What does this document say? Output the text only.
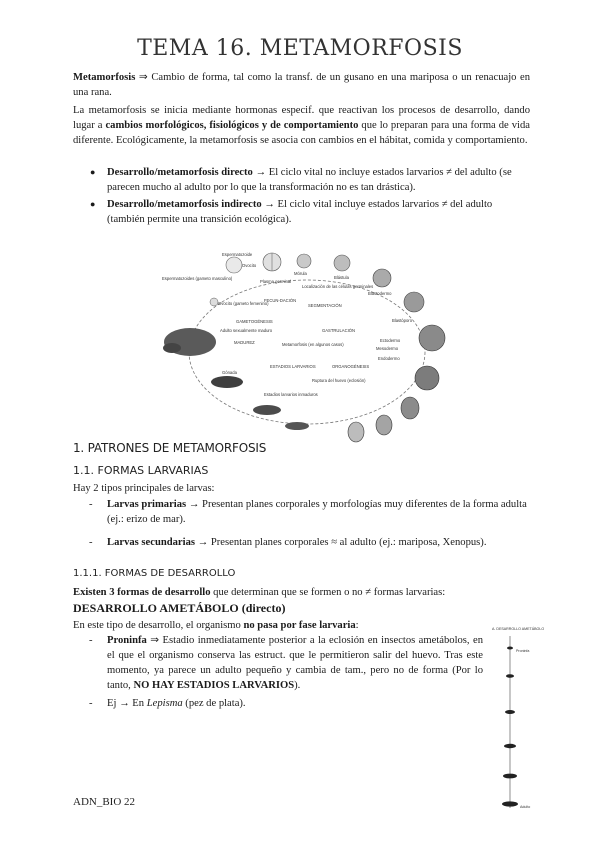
TEMA 16. METAMORFOSIS
Metamorfosis ⇒ Cambio de forma, tal como la transf. de un gusano en una mariposa o un renacuajo en una rana.
La metamorfosis se inicia mediante hormonas especif. que reactivan los procesos de desarrollo, dando lugar a cambios morfológicos, fisiológicos y de comportamiento que lo preparan para una forma de vida diferente. Ecológicamente, la metamorfosis se asocia con cambios en el hábitat, comida y comportamiento.
● Desarrollo/metamorfosis directo → El ciclo vital no incluye estados larvarios ≠ del adulto (se parecen mucho al adulto por lo que la transformación no es tan drástica).
● Desarrollo/metamorfosis indirecto → El ciclo vital incluye estados larvarios ≠ del adulto (también permite una transición ecológica).
Espermatozoide
Plasma germinal
Mórula
Blástula
Blastodermo
Localización de las células germinales
Espermatozoides (gameto masculino)
Ovocito (gameto femenino)
Adulto sexualmente maduro
FECUN-DACIÓN
SEGMENTACIÓN
GAMETOGÉNESIS
GASTRULACIÓN
MADUREZ	Metamorfosis (en algunos casos)
ESTADIOS LARVARIOS	ORGANOGÉNESIS
Ruptura del huevo (eclosión)
Gónada
Estadios larvarios inmaduros
Blastóporo
Ectodermo
Mesodermo
Endodermo
Ovocito
1. PATRONES DE METAMORFOSIS
1.1. FORMAS LARVARIAS
Hay 2 tipos principales de larvas:
- Larvas primarias → Presentan planes corporales y morfologías muy diferentes de la forma adulta (ej.: erizo de mar).
- Larvas secundarias → Presentan planes corporales ≈ al adulto (ej.: mariposa, Xenopus).
1.1.1. FORMAS DE DESARROLLO
Existen 3 formas de desarrollo que determinan que se formen o no ≠ formas larvarias:
DESARROLLO AMETÁBOLO (directo)
En este tipo de desarrollo, el organismo no pasa por fase larvaria:
- Proninfa ⇒ Estadio inmediatamente posterior a la eclosión en insectos ametábolos, en el que el organismo conserva las estruct. que le permitieron salir del huevo. Tras este momento, ya parece un adulto pequeño y cambia de tam., pero no de forma (Por lo tanto, NO HAY ESTADIOS LARVARIOS).
- Ej → En Lepisma (pez de plata).
A. DESARROLLO AMETÁBOLO
Proninfa
Adulto
ADN_BIO 22
